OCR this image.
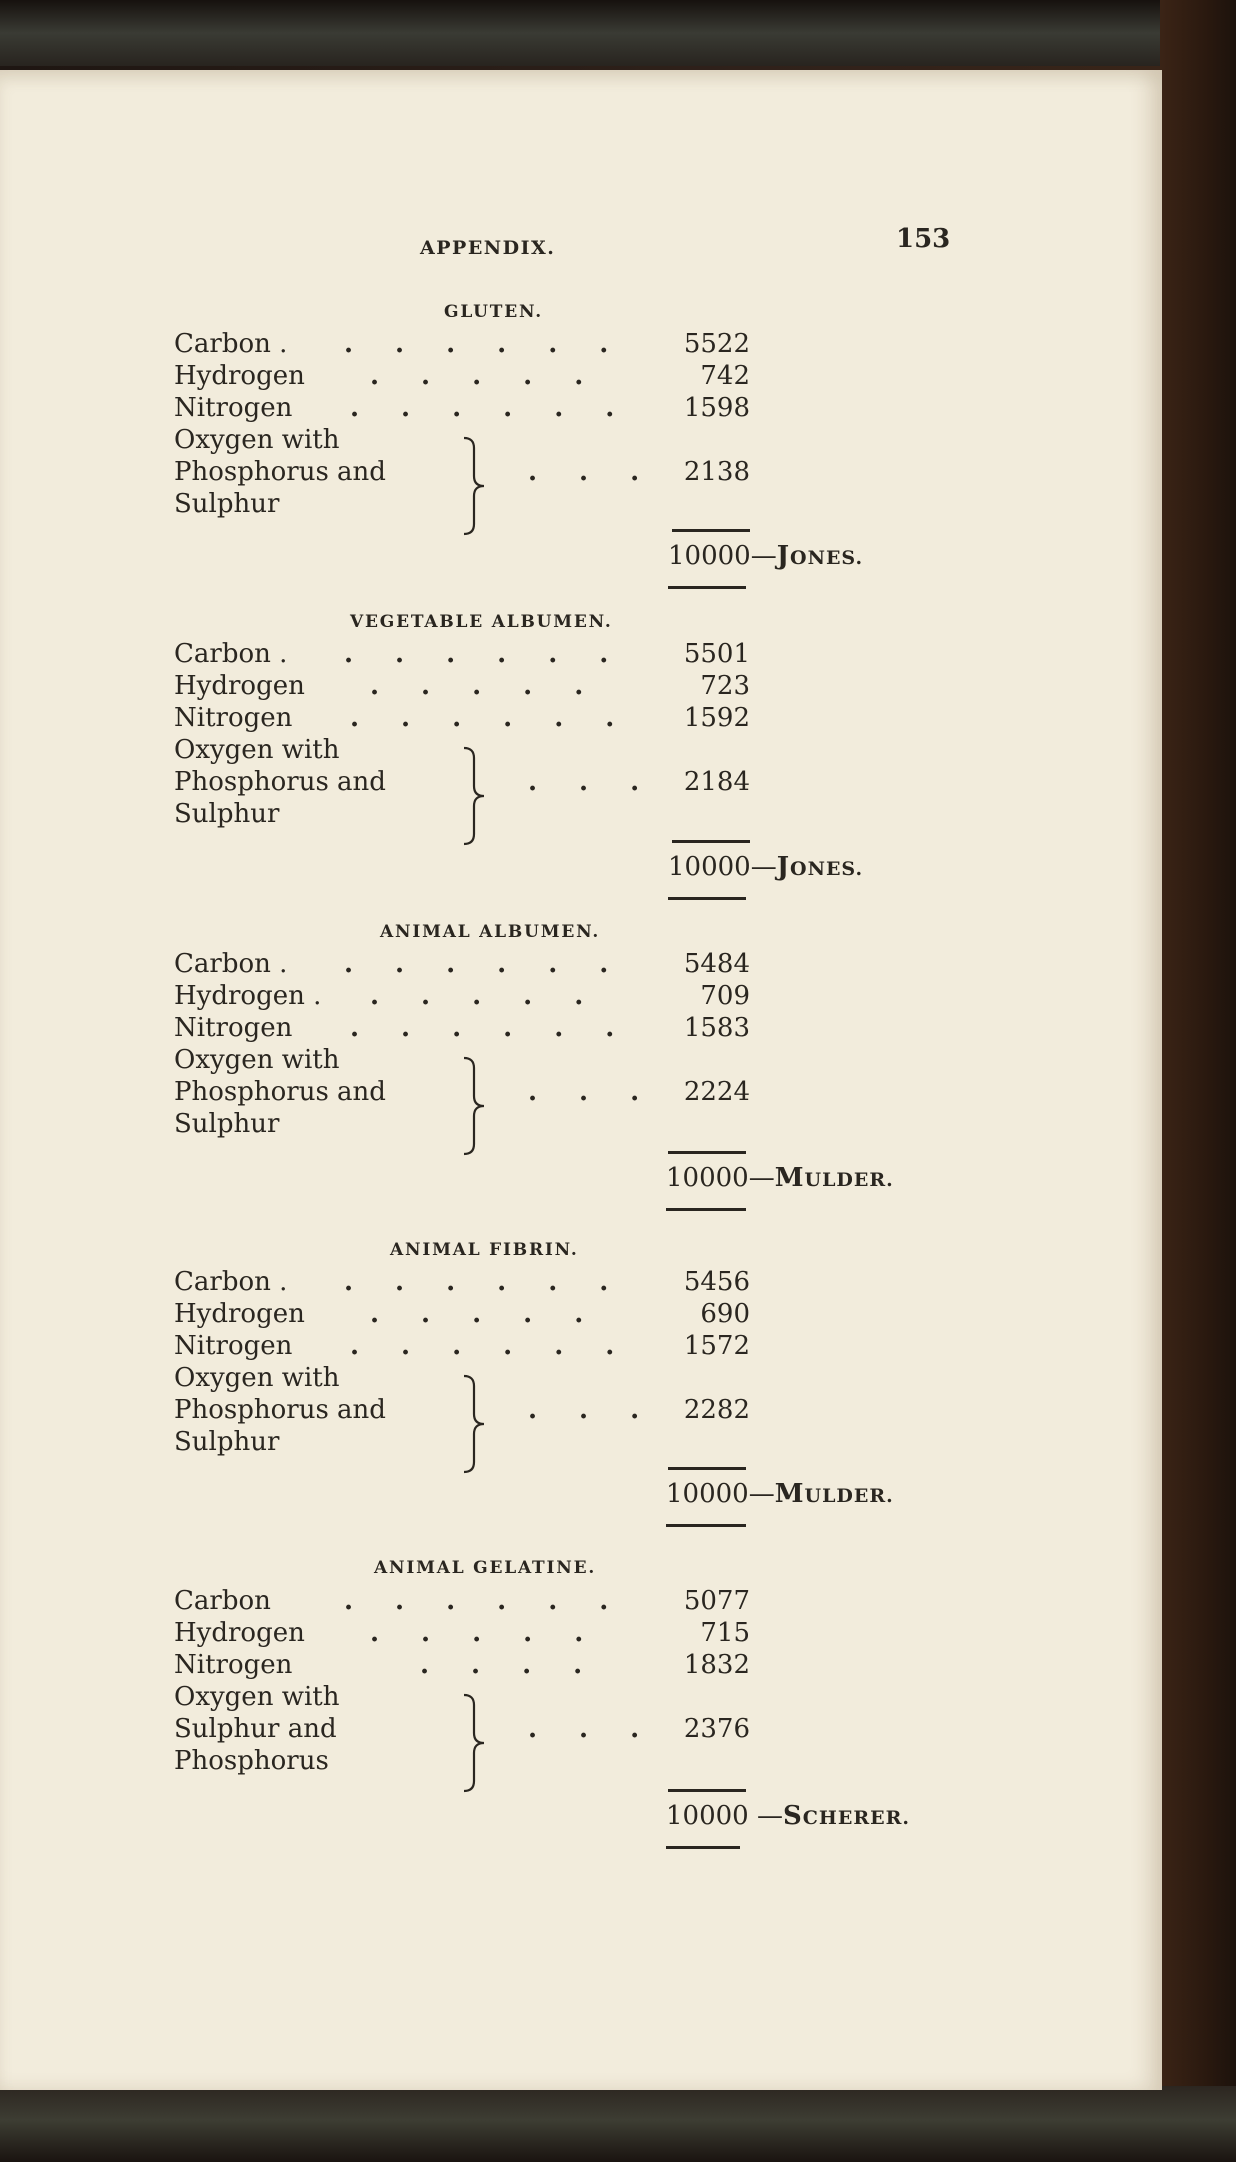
APPENDIX.	153
GLUTEN.
Carbon . ......	5522
Hydrogen	.....	742
Nitrogen ......	1598
Oxygen with
Phosphorus and
Sulphur
... 2138
10000—JONES.
VEGETABLE ALBUMEN.
Carbon . ......	5501
Hydrogen	.....	723
Nitrogen ......	1592
Oxygen with
Phosphorus and
Sulphur
... 2184
10000—JONES.
ANIMAL ALBUMEN.
Carbon . ......	5484
Hydrogen . .....	709
Nitrogen ......	1583
Oxygen with
Phosphorus and
Sulphur
... 2224
10000—MULDER.
ANIMAL FIBRIN.
Carbon . ......	5456
Hydrogen	.....	690
Nitrogen ......	1572
Oxygen with
Phosphorus and
Sulphur
... 2282
10000—MULDER.
ANIMAL GELATINE.
Carbon	......	5077
Hydrogen	.....	715
Nitrogen	....	1832
Oxygen with
Sulphur and
Phosphorus
... 2376
10000 —SCHERER.
